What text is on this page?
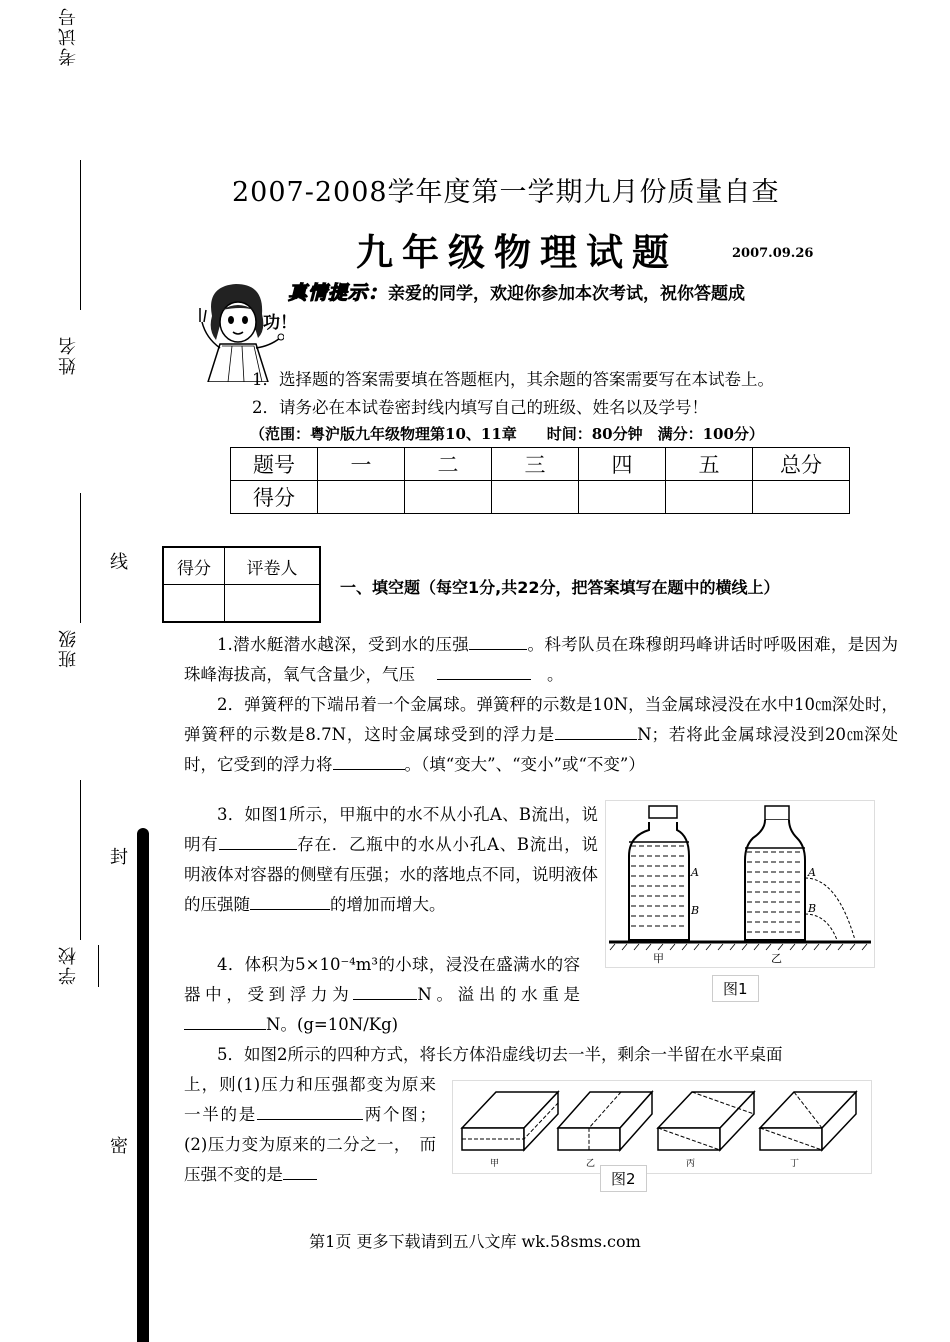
考试号
姓名
班级
学校
线
封
密
2007-2008学年度第一学期九月份质量自查
九年级物理试题	2007.09.26
真情提示：亲爱的同学，欢迎你参加本次考试，祝你答题成
功！
1．选择题的答案需要填在答题框内，其余题的答案需要写在本试卷上。
2．请务必在本试卷密封线内填写自己的班级、姓名以及学号！
（范围：粤沪版九年级物理第10、11章　　时间：80分钟　满分：100分）
题号	一	二	三	四	五	总分
得分						
得分	评卷人

一、填空题（每空1分,共22分，把答案填写在题中的横线上）
1.潜水艇潜水越深，受到水的压强	。科考队员在珠穆朗玛峰讲话时呼吸困难，是因为珠峰海拔高，氧气含量少，气压	。
2．弹簧秤的下端吊着一个金属球。弹簧秤的示数是10N，当金属球浸没在水中10㎝深处时，弹簧秤的示数是8.7N，这时金属球受到的浮力是	N；若将此金属球浸没到20㎝深处时，它受到的浮力将	。（填“变大”、“变小”或“不变”）
3．如图1所示，甲瓶中的水不从小孔A、B流出，说明有	存在．乙瓶中的水从小孔A、B流出，说明液体对容器的侧壁有压强；水的落地点不同，说明液体的压强随	的增加而增大。
4．体积为5×10⁻⁴m³的小球，浸没在盛满水的容器中，受到浮力为	N。溢出的水重是N。(g=10N/Kg)
5．如图2所示的四种方式，将长方体沿虚线切去一半，剩余一半留在水平桌面
上，则(1)压力和压强都变为原来一半的是	两个图；(2)压力变为原来的二分之一，　而压强不变的是
A
B
A
B
甲	乙
图1
甲	乙	丙	丁
图2
第1页 更多下载请到五八文库 wk.58sms.com
